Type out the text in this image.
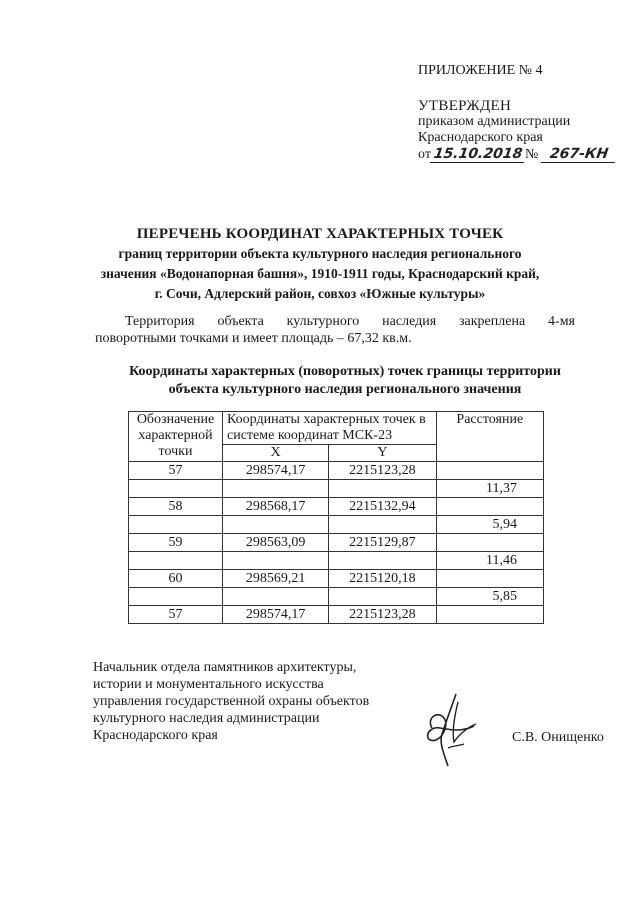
ПРИЛОЖЕНИЕ № 4
УТВЕРЖДЕН
приказом администрации
Краснодарского края
от 15.10.2018 № 267-КН
ПЕРЕЧЕНЬ КООРДИНАТ ХАРАКТЕРНЫХ ТОЧЕК
границ территории объекта культурного наследия регионального
значения «Водонапорная башня», 1910-1911 годы, Краснодарский край,
г. Сочи, Адлерский район, совхоз «Южные культуры»
Территория объекта культурного наследия закреплена 4-мя
поворотными точками и имеет площадь – 67,32 кв.м.
Координаты характерных (поворотных) точек границы территории
объекта культурного наследия регионального значения
Обозначение характерной точки	Координаты характерных точек в системе координат МСК-23		Расстояние
	X	Y	
57	298574,17	2215123,28	
			11,37
58	298568,17	2215132,94	
			5,94
59	298563,09	2215129,87	
			11,46
60	298569,21	2215120,18	
			5,85
57	298574,17	2215123,28	
Начальник отдела памятников архитектуры,
истории и монументального искусства
управления государственной охраны объектов
культурного наследия администрации
Краснодарского края	С.В. Онищенко
